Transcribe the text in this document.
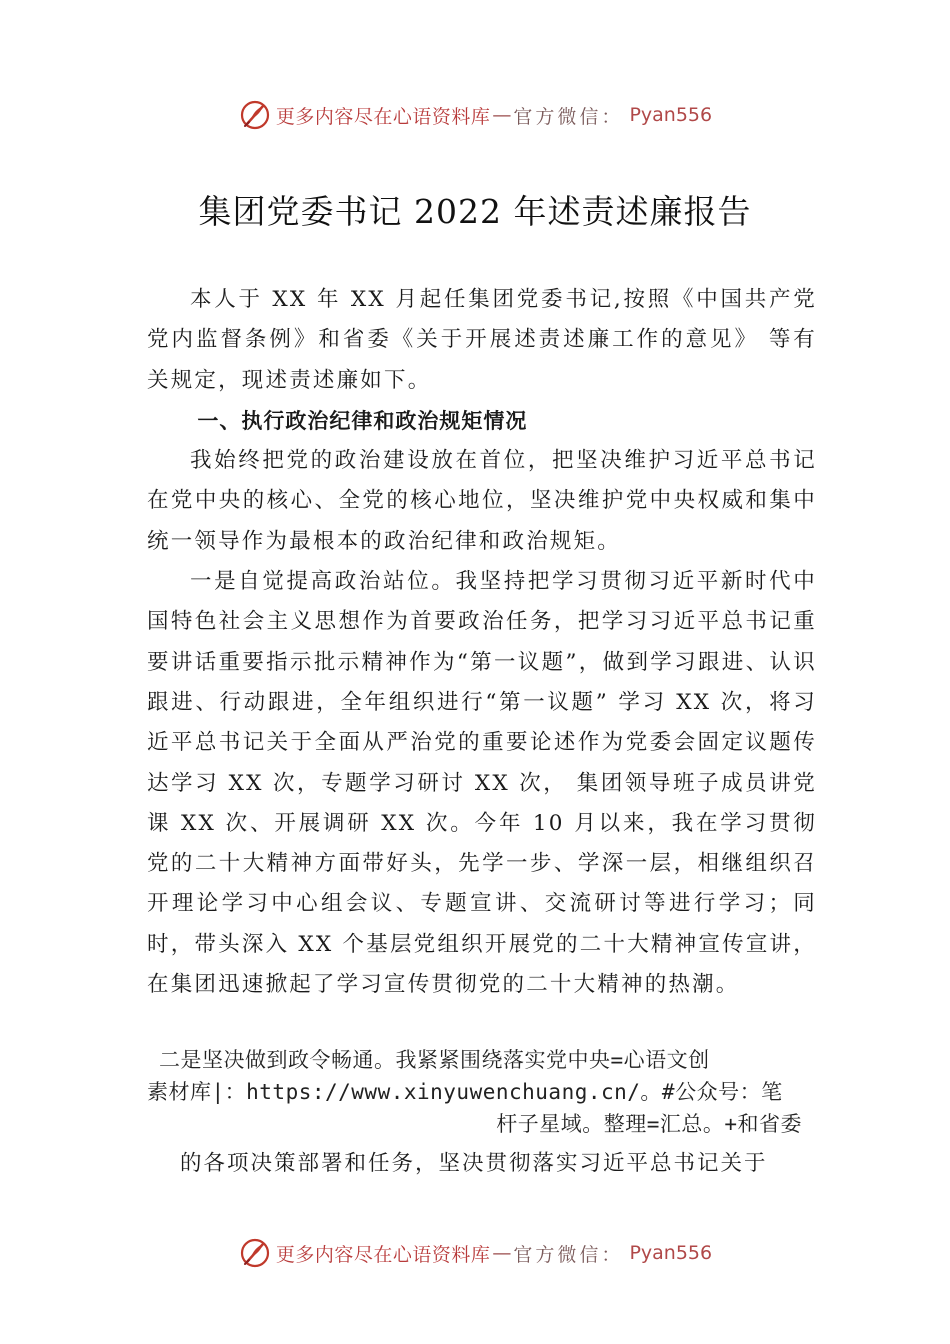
更多内容尽在心语资料库 — 官方微信： Pyan556
集团党委书记 2022 年述责述廉报告

本人于 XX 年 XX 月起任集团党委书记,按照《中国共产党党内监督条例》和省委《关于开展述责述廉工作的意见》 等有关规定，现述责述廉如下。

一、执行政治纪律和政治规矩情况

我始终把党的政治建设放在首位，把坚决维护习近平总书记在党中央的核心、全党的核心地位，坚决维护党中央权威和集中统一领导作为最根本的政治纪律和政治规矩。

一是自觉提高政治站位。我坚持把学习贯彻习近平新时代中国特色社会主义思想作为首要政治任务，把学习习近平总书记重要讲话重要指示批示精神作为“第一议题”，做到学习跟进、认识跟进、行动跟进，全年组织进行“第一议题” 学习 XX 次，将习近平总书记关于全面从严治党的重要论述作为党委会固定议题传达学习 XX 次，专题学习研讨 XX 次， 集团领导班子成员讲党课 XX 次、开展调研 XX 次。今年 10 月以来，我在学习贯彻党的二十大精神方面带好头，先学一步、学深一层，相继组织召开理论学习中心组会议、专题宣讲、交流研讨等进行学习；同时，带头深入 XX 个基层党组织开展党的二十大精神宣传宣讲，在集团迅速掀起了学习宣传贯彻党的二十大精神的热潮。

二是坚决做到政令畅通。我紧紧围绕落实党中央=心语文创
素材库|：https://www.xinyuwenchuang.cn/。#公众号：笔
杆子星域。整理=汇总。+和省委
的各项决策部署和任务，坚决贯彻落实习近平总书记关于
更多内容尽在心语资料库 — 官方微信： Pyan556
